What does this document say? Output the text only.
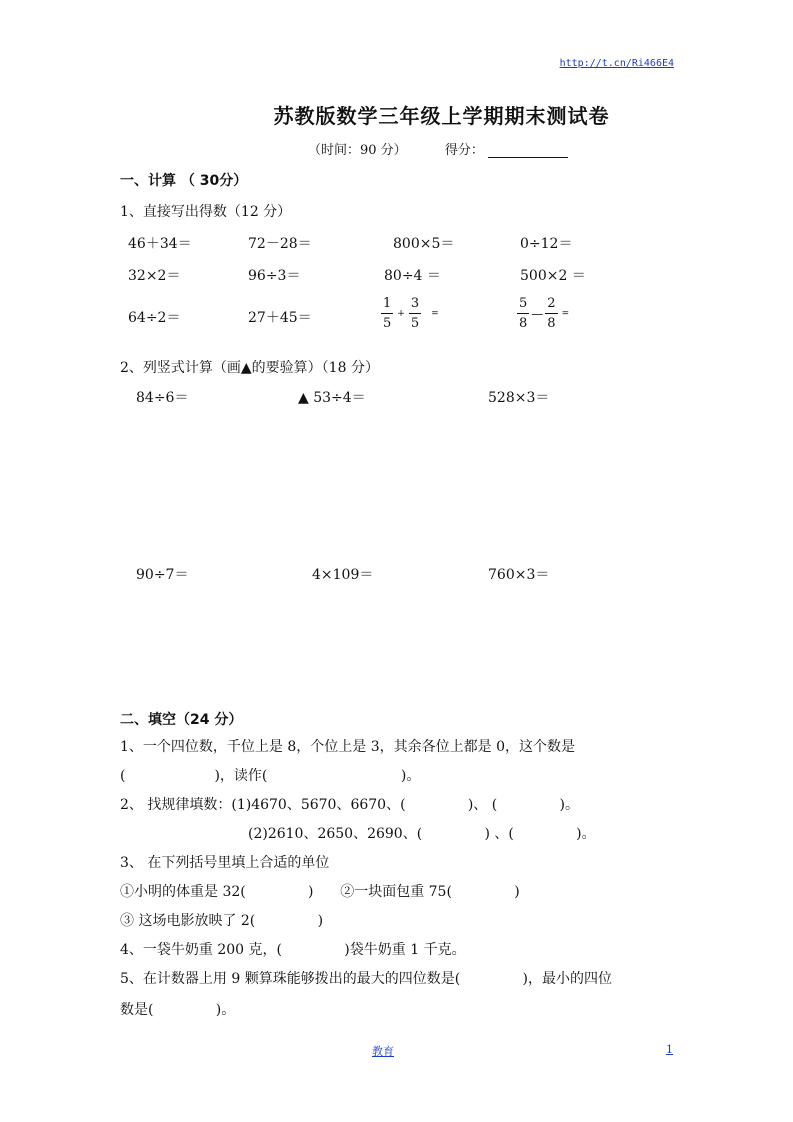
http://t.cn/Ri466E4
苏教版数学三年级上学期期末测试卷
（时间：90 分）	得分：
一、计算 （ 30分）
1、直接写出得数（12 分）
46＋34＝	72－28＝	800×5＝	0÷12＝
32×2＝	96÷3＝	80÷4 ＝	500×2 ＝
64÷2＝	27＋45＝	$\frac{1}{5} + \frac{3}{5}$ =	$\frac{5}{8}$ — $\frac{2}{8}$ =
2、列竖式计算（画▲的要验算）（18 分）
84÷6＝	▲ 53÷4＝	528×3＝
90÷7＝	4×109＝	760×3＝
二、填空（24 分）
1、一个四位数，千位上是 8，个位上是 3，其余各位上都是 0，这个数是
(                    )，读作(                              )。
2、 找规律填数：(1)4670、5670、6670、(              )、 (              )。
(2)2610、2650、2690、(              ) 、(              )。
3、 在下列括号里填上合适的单位
①小明的体重是 32(              )      ②一块面包重 75(              )
③ 这场电影放映了 2(              )
4、一袋牛奶重 200 克，(              )袋牛奶重 1 千克。
5、在计数器上用 9 颗算珠能够拨出的最大的四位数是(              )，最小的四位
数是(              )。
教育	1
